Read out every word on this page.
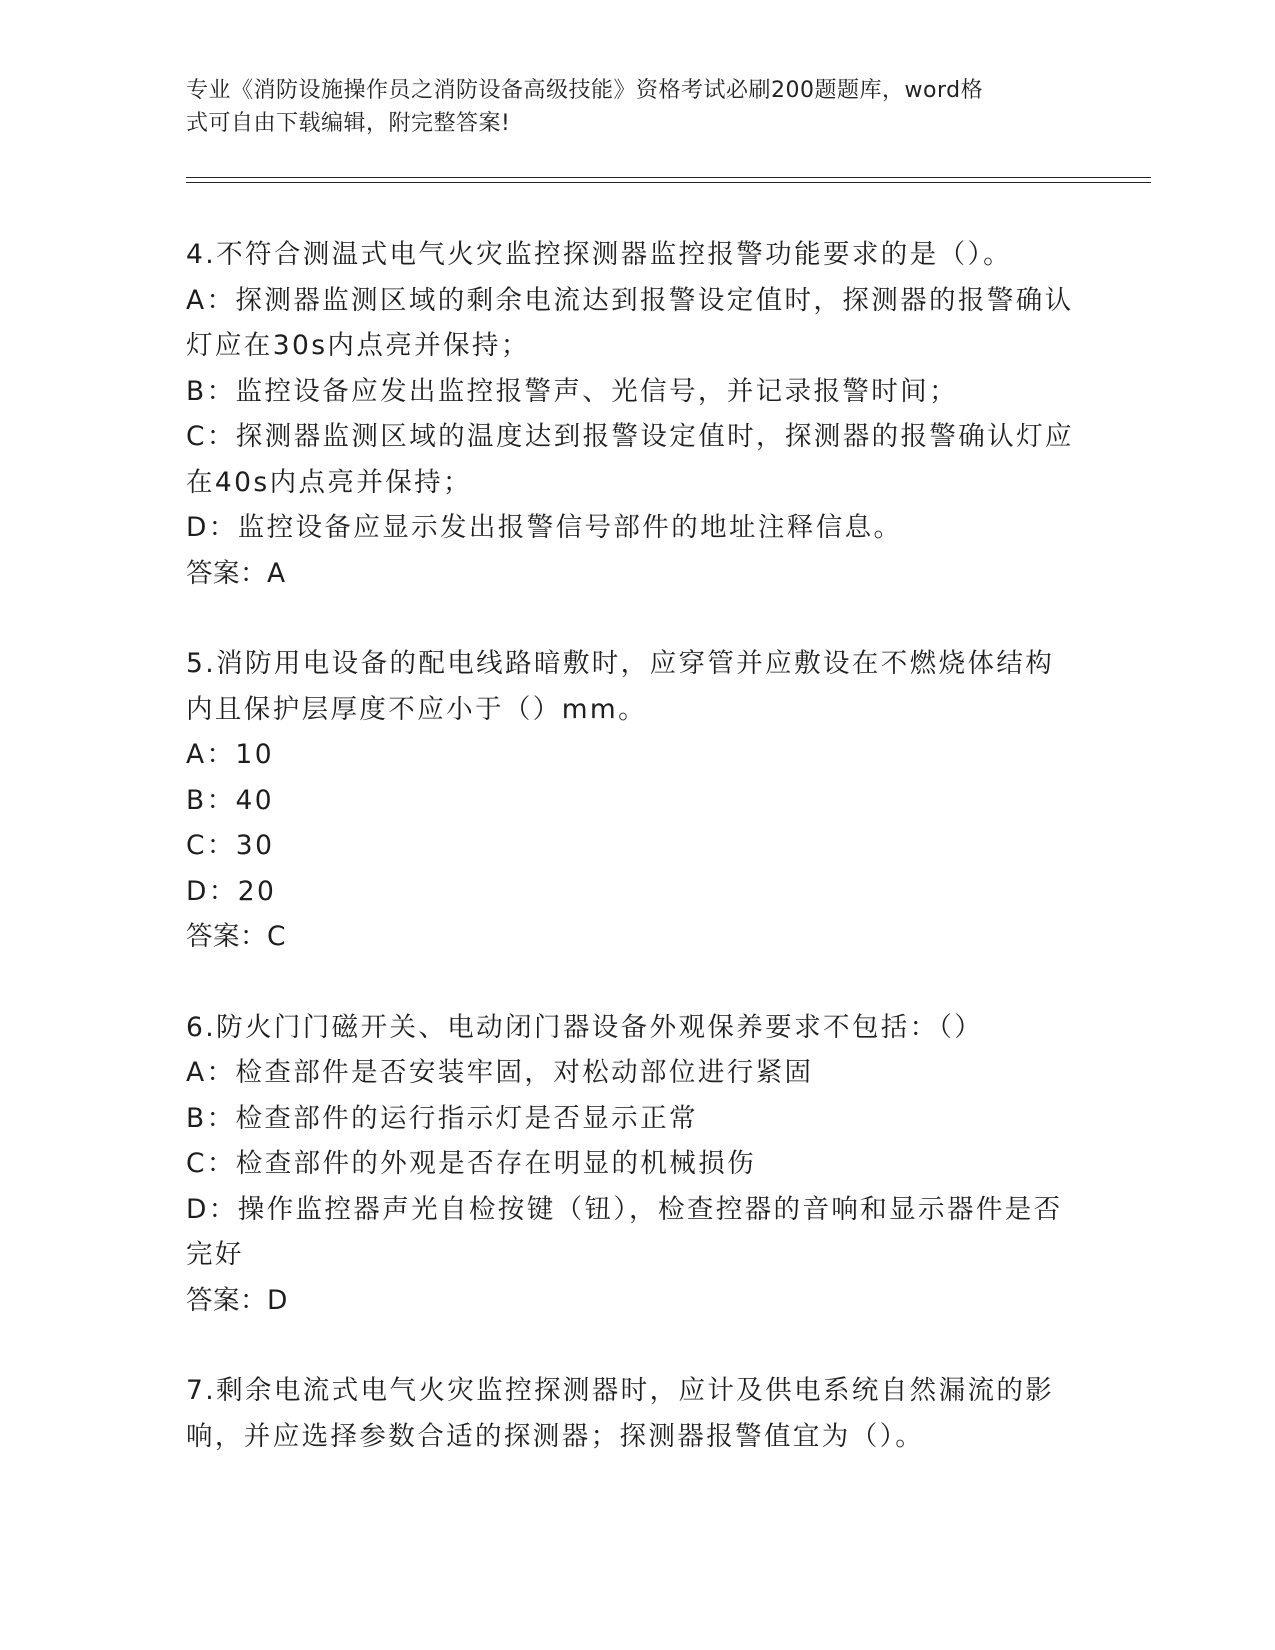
专业《消防设施操作员之消防设备高级技能》资格考试必刷200题题库，word格
式可自由下载编辑，附完整答案!
4.不符合测温式电气火灾监控探测器监控报警功能要求的是（）。
A：探测器监测区域的剩余电流达到报警设定值时，探测器的报警确认
灯应在30s内点亮并保持；
B：监控设备应发出监控报警声、光信号，并记录报警时间；
C：探测器监测区域的温度达到报警设定值时，探测器的报警确认灯应
在40s内点亮并保持；
D：监控设备应显示发出报警信号部件的地址注释信息。
答案：A
5.消防用电设备的配电线路暗敷时，应穿管并应敷设在不燃烧体结构
内且保护层厚度不应小于（）mm。
A：10
B：40
C：30
D：20
答案：C
6.防火门门磁开关、电动闭门器设备外观保养要求不包括：（）
A：检查部件是否安装牢固，对松动部位进行紧固
B：检查部件的运行指示灯是否显示正常
C：检查部件的外观是否存在明显的机械损伤
D：操作监控器声光自检按键（钮），检查控器的音响和显示器件是否
完好
答案：D
7.剩余电流式电气火灾监控探测器时，应计及供电系统自然漏流的影
响，并应选择参数合适的探测器；探测器报警值宜为（）。
